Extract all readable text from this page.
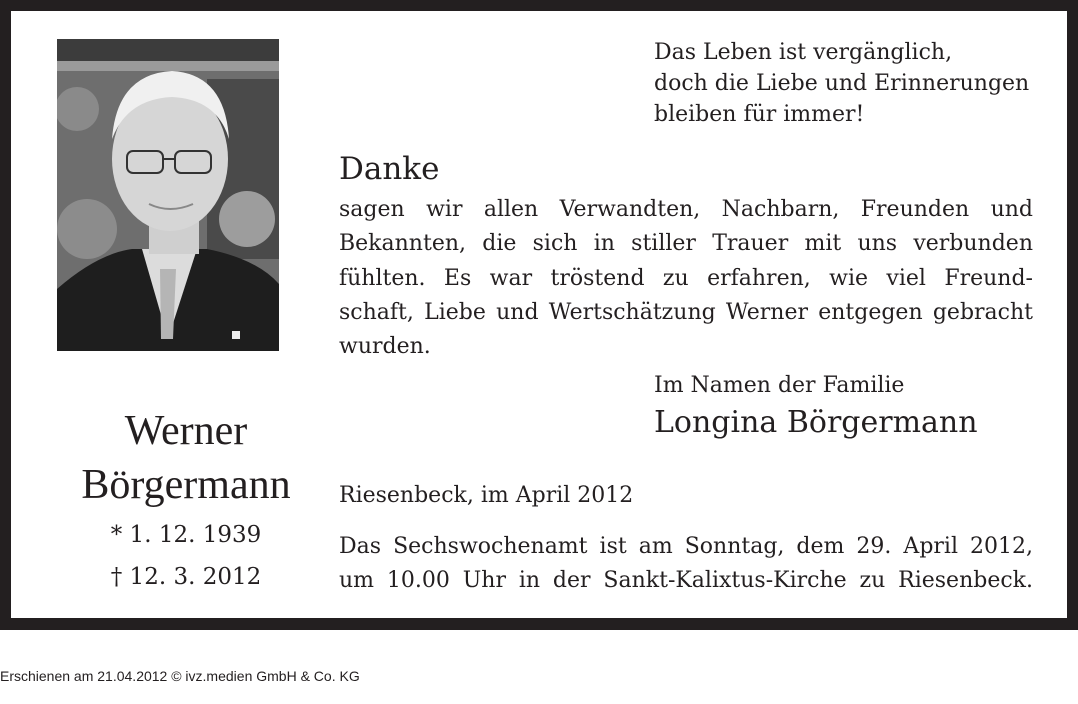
Werner
Börgermann
* 1. 12. 1939
† 12. 3. 2012
Das Leben ist vergänglich,
doch die Liebe und Erinnerungen
bleiben für immer!
Danke
sagen wir allen Verwandten, Nachbarn, Freunden und
Bekannten, die sich in stiller Trauer mit uns verbunden
fühlten. Es war tröstend zu erfahren, wie viel Freund-
schaft, Liebe und Wertschätzung Werner entgegen gebracht
wurden.
Im Namen der Familie
Longina Börgermann
Riesenbeck, im April 2012
Das Sechswochenamt ist am Sonntag, dem 29. April 2012,
um 10.00 Uhr in der Sankt-Kalixtus-Kirche zu Riesenbeck.
Erschienen am 21.04.2012 © ivz.medien GmbH & Co. KG
